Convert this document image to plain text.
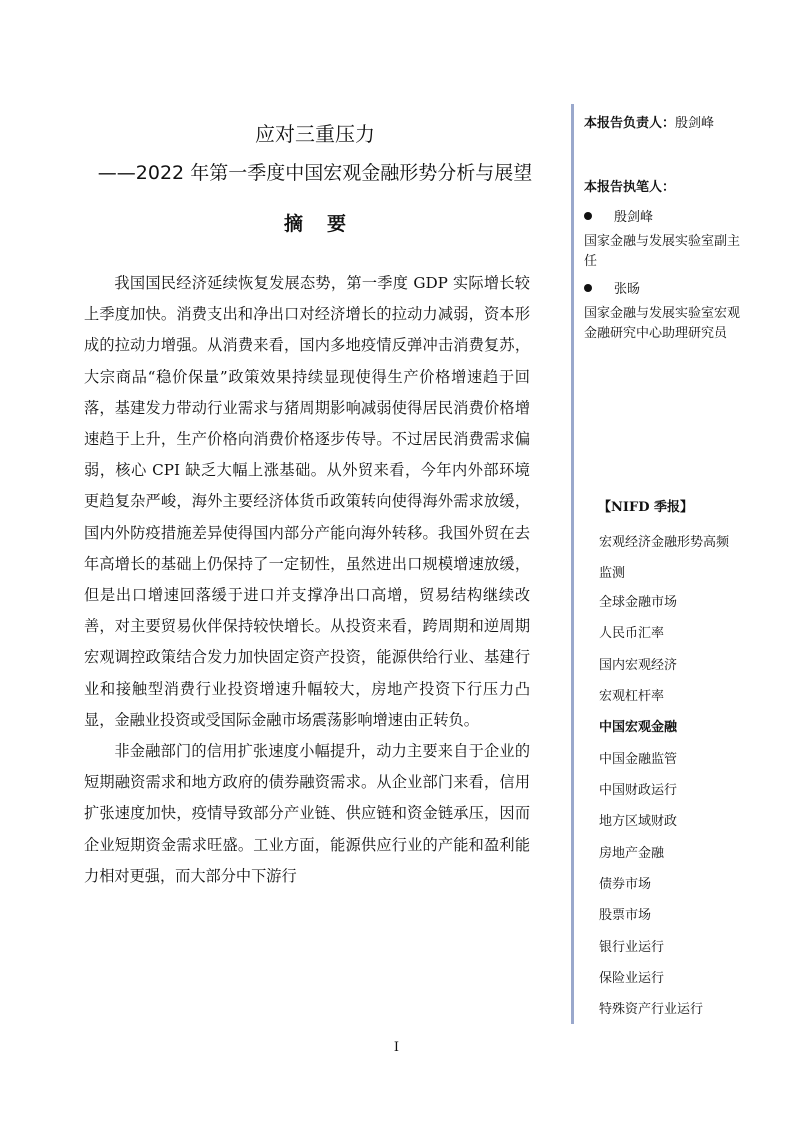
应对三重压力
——2022 年第一季度中国宏观金融形势分析与展望
摘要

我国国民经济延续恢复发展态势，第一季度 GDP 实际增长较上季度加快。消费支出和净出口对经济增长的拉动力减弱，资本形成的拉动力增强。从消费来看，国内多地疫情反弹冲击消费复苏，大宗商品“稳价保量”政策效果持续显现使得生产价格增速趋于回落，基建发力带动行业需求与猪周期影响减弱使得居民消费价格增速趋于上升，生产价格向消费价格逐步传导。不过居民消费需求偏弱，核心 CPI 缺乏大幅上涨基础。从外贸来看，今年内外部环境更趋复杂严峻，海外主要经济体货币政策转向使得海外需求放缓，国内外防疫措施差异使得国内部分产能向海外转移。我国外贸在去年高增长的基础上仍保持了一定韧性，虽然进出口规模增速放缓，但是出口增速回落缓于进口并支撑净出口高增，贸易结构继续改善，对主要贸易伙伴保持较快增长。从投资来看，跨周期和逆周期宏观调控政策结合发力加快固定资产投资，能源供给行业、基建行业和接触型消费行业投资增速升幅较大，房地产投资下行压力凸显，金融业投资或受国际金融市场震荡影响增速由正转负。

非金融部门的信用扩张速度小幅提升，动力主要来自于企业的短期融资需求和地方政府的债券融资需求。从企业部门来看，信用扩张速度加快，疫情导致部分产业链、供应链和资金链承压，因而企业短期资金需求旺盛。工业方面，能源供应行业的产能和盈利能力相对更强，而大部分中下游行

本报告负责人：殷剑峰
本报告执笔人：
殷剑峰
国家金融与发展实验室副主任
张旸
国家金融与发展实验室宏观金融研究中心助理研究员
【NIFD 季报】
宏观经济金融形势高频监测
全球金融市场
人民币汇率
国内宏观经济
宏观杠杆率
中国宏观金融
中国金融监管
中国财政运行
地方区域财政
房地产金融
债券市场
股票市场
银行业运行
保险业运行
特殊资产行业运行
I
